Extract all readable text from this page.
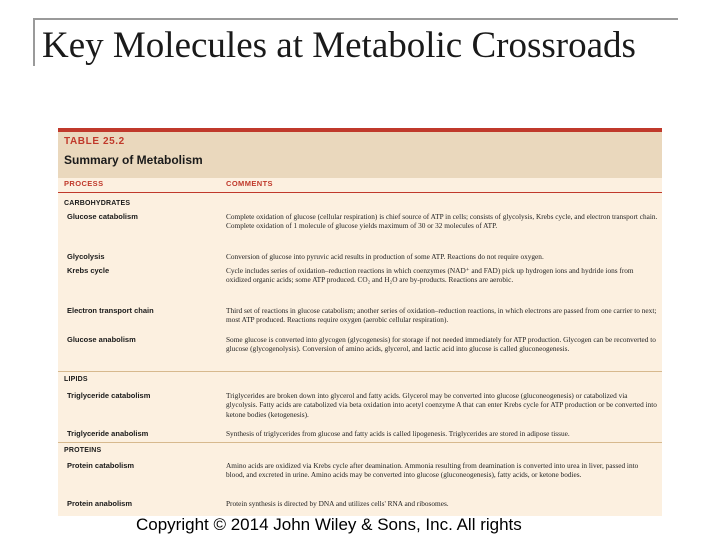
Key Molecules at Metabolic Crossroads
TABLE 25.2
Summary of Metabolism
PROCESS	COMMENTS
CARBOHYDRATES
Glucose catabolism	Complete oxidation of glucose (cellular respiration) is chief source of ATP in cells; consists of glycolysis, Krebs cycle, and electron transport chain. Complete oxidation of 1 molecule of glucose yields maximum of 30 or 32 molecules of ATP.
Glycolysis	Conversion of glucose into pyruvic acid results in production of some ATP. Reactions do not require oxygen.
Krebs cycle	Cycle includes series of oxidation–reduction reactions in which coenzymes (NAD⁺ and FAD) pick up hydrogen ions and hydride ions from oxidized organic acids; some ATP produced. CO₂ and H₂O are by-products. Reactions are aerobic.
Electron transport chain	Third set of reactions in glucose catabolism; another series of oxidation–reduction reactions, in which electrons are passed from one carrier to next; most ATP produced. Reactions require oxygen (aerobic cellular respiration).
Glucose anabolism	Some glucose is converted into glycogen (glycogenesis) for storage if not needed immediately for ATP production. Glycogen can be reconverted to glucose (glycogenolysis). Conversion of amino acids, glycerol, and lactic acid into glucose is called gluconeogenesis.
LIPIDS
Triglyceride catabolism	Triglycerides are broken down into glycerol and fatty acids. Glycerol may be converted into glucose (gluconeogenesis) or catabolized via glycolysis. Fatty acids are catabolized via beta oxidation into acetyl coenzyme A that can enter Krebs cycle for ATP production or be converted into ketone bodies (ketogenesis).
Triglyceride anabolism	Synthesis of triglycerides from glucose and fatty acids is called lipogenesis. Triglycerides are stored in adipose tissue.
PROTEINS
Protein catabolism	Amino acids are oxidized via Krebs cycle after deamination. Ammonia resulting from deamination is converted into urea in liver, passed into blood, and excreted in urine. Amino acids may be converted into glucose (gluconeogenesis), fatty acids, or ketone bodies.
Protein anabolism	Protein synthesis is directed by DNA and utilizes cells' RNA and ribosomes.
Copyright © 2014 John Wiley & Sons, Inc. All rights
